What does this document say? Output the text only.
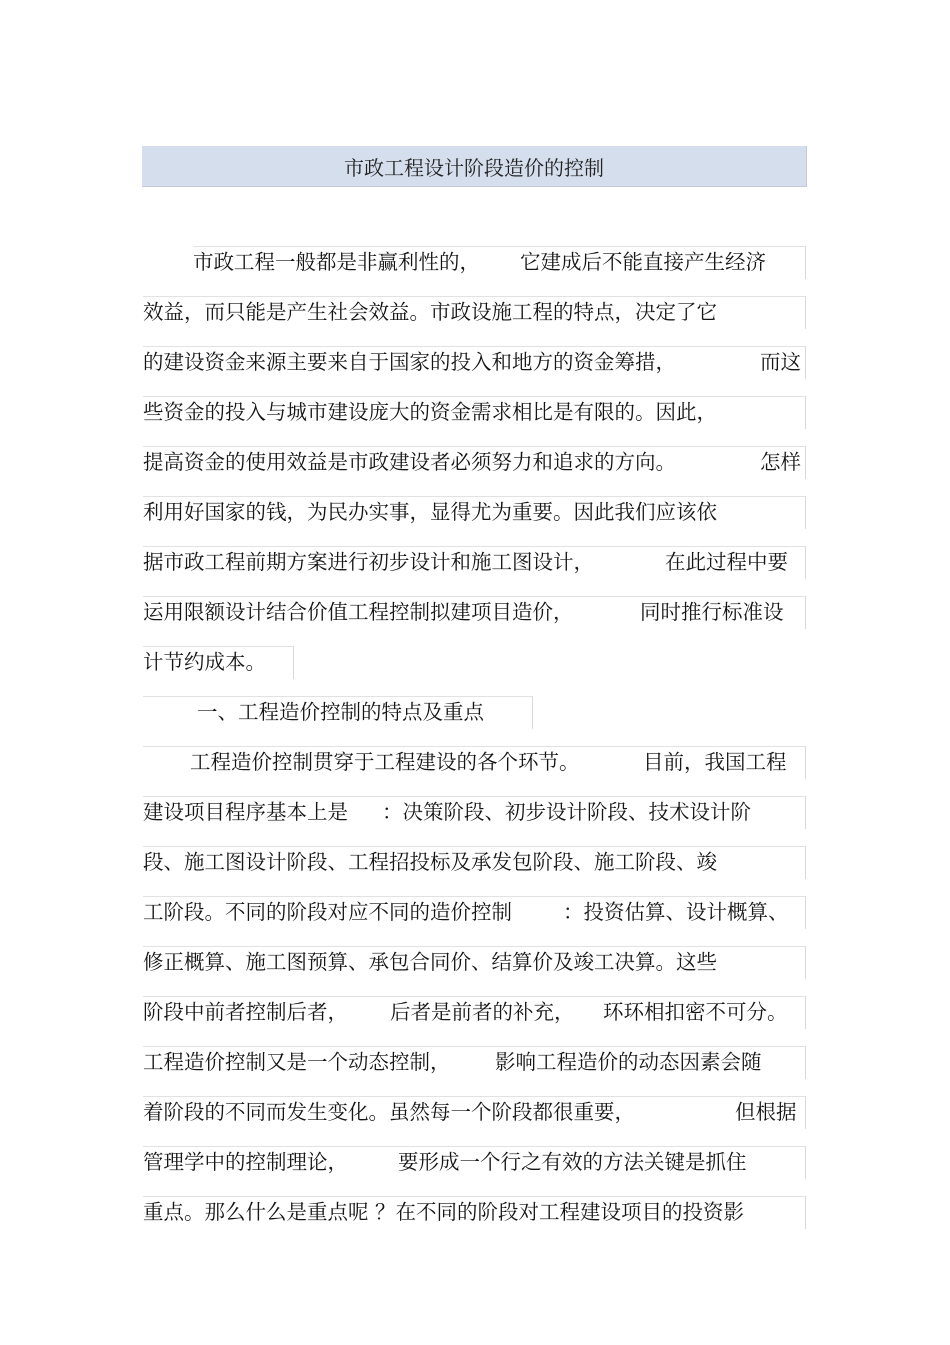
市政工程设计阶段造价的控制
市政工程一般都是非赢利性的， 它建成后不能直接产生经济
效益，而只能是产生社会效益。市政设施工程的特点，决定了它
的建设资金来源主要来自于国家的投入和地方的资金筹措，	而这
些资金的投入与城市建设庞大的资金需求相比是有限的。因此，
提高资金的使用效益是市政建设者必须努力和追求的方向。	怎样
利用好国家的钱，为民办实事，显得尤为重要。因此我们应该依
据市政工程前期方案进行初步设计和施工图设计，	在此过程中要
运用限额设计结合价值工程控制拟建项目造价，	同时推行标准设
计节约成本。
一、工程造价控制的特点及重点
工程造价控制贯穿于工程建设的各个环节。	目前，我国工程
建设项目程序基本上是 ：决策阶段、初步设计阶段、技术设计阶
段、施工图设计阶段、工程招投标及承发包阶段、施工阶段、竣
工阶段。不同的阶段对应不同的造价控制 ：投资估算、设计概算、
修正概算、施工图预算、承包合同价、结算价及竣工决算。这些
阶段中前者控制后者， 后者是前者的补充， 环环相扣密不可分。
工程造价控制又是一个动态控制， 影响工程造价的动态因素会随
着阶段的不同而发生变化。虽然每一个阶段都很重要，	但根据
管理学中的控制理论， 要形成一个行之有效的方法关键是抓住
重点。那么什么是重点呢 ？在不同的阶段对工程建设项目的投资影
